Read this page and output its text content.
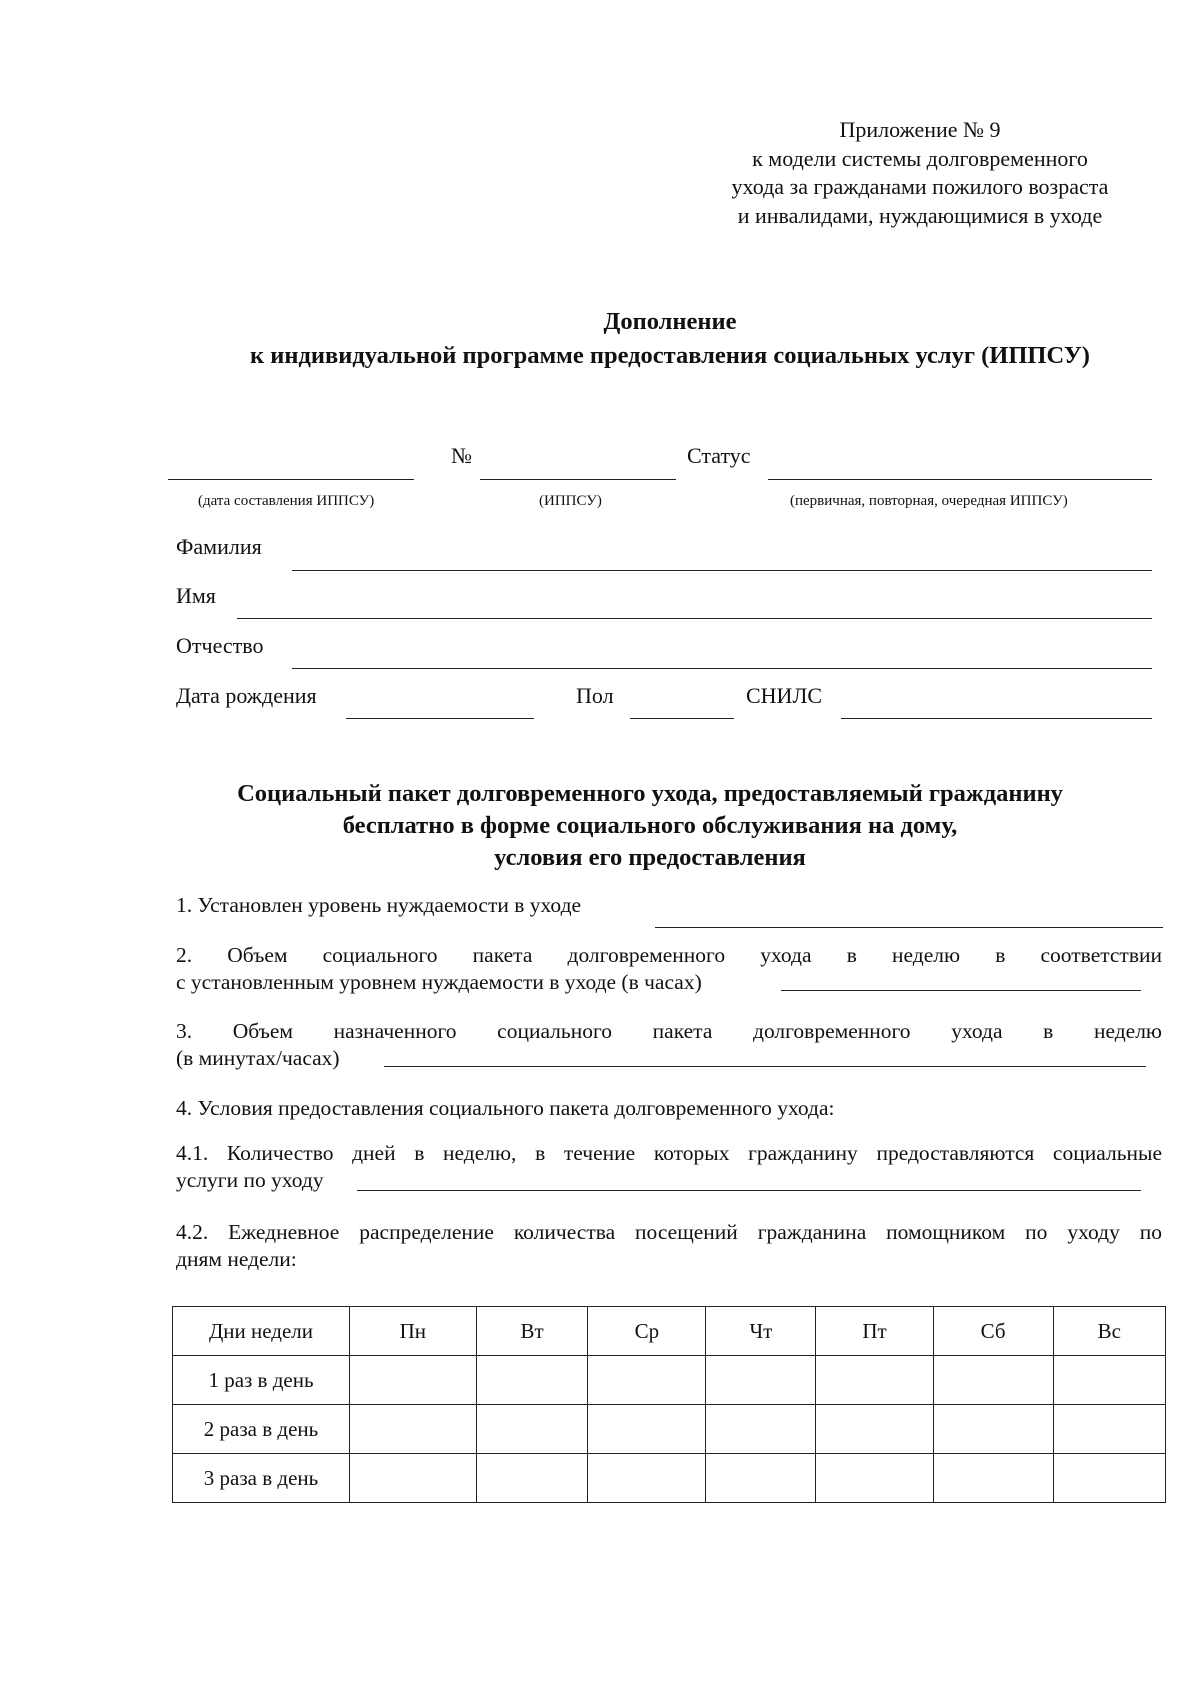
Приложение № 9
к модели системы долговременного
ухода за гражданами пожилого возраста
и инвалидами, нуждающимися в уходе
Дополнение
к индивидуальной программе предоставления социальных услуг (ИППСУ)
№	Статус
(дата составления ИППСУ)	(ИППСУ)	(первичная, повторная, очередная ИППСУ)
Фамилия
Имя
Отчество
Дата рождения	Пол	СНИЛС
Социальный пакет долговременного ухода, предоставляемый гражданину
бесплатно в форме социального обслуживания на дому,
условия его предоставления
1. Установлен уровень нуждаемости в уходе
2. Объем социального пакета долговременного ухода в неделю в соответствии
с установленным уровнем нуждаемости в уходе (в часах)
3. Объем назначенного социального пакета долговременного ухода в неделю
(в минутах/часах)
4. Условия предоставления социального пакета долговременного ухода:
4.1. Количество дней в неделю, в течение которых гражданину предоставляются социальные
услуги по уходу
4.2. Ежедневное распределение количества посещений гражданина помощником по уходу по
дням недели:
Дни недели	Пн	Вт	Ср	Чт	Пт	Сб	Вс
1 раз в день							
2 раза в день							
3 раза в день							
